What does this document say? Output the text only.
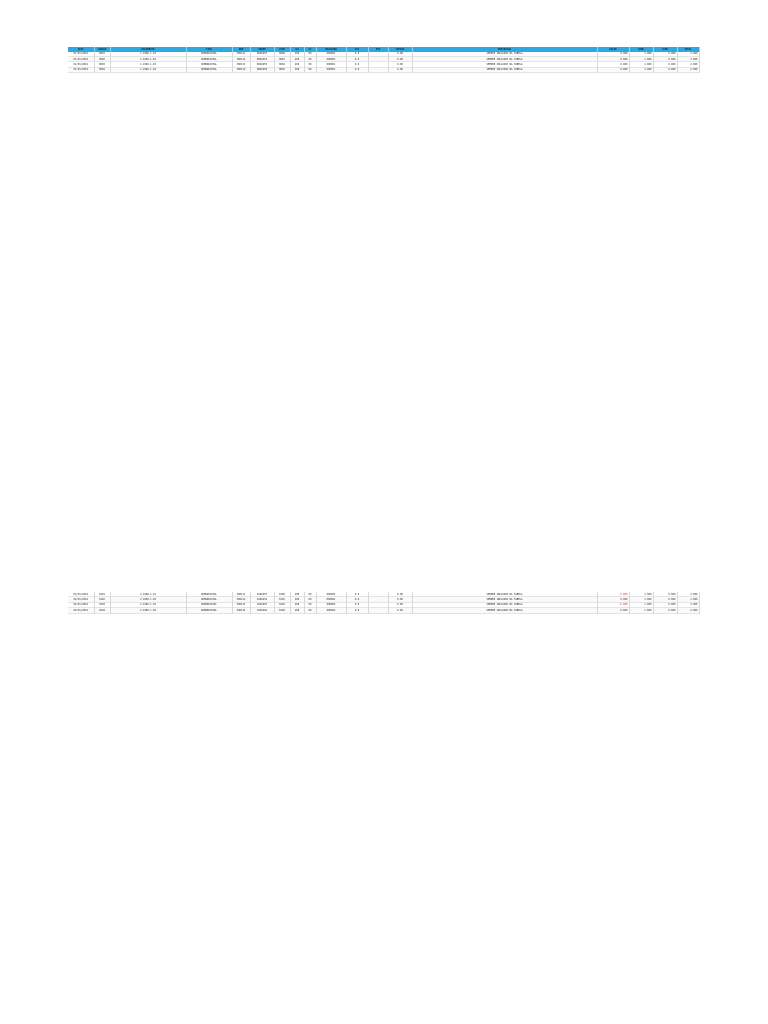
DATA	CODIGO	DOCUMENTO	TIPO	NUM	ORDEM	CFOP	UN	ST	REGISTRO	CST	PIS	COFINS	DESCRICAO	VALOR	QTDE	ICMS	TOTAL
01/01/2019	0001	1.1960.1.01	DOMUNICIPAL	380111	8002253	0000	200	00	000001	0.0		0.00	SEMPRE INCLUIDO NA TABELA	0.000	1.000	0.000	2.000
01/01/2019	0002	1.1960.1.02	DOMUNICIPAL	380112	8002254	0001	200	00	000001	0.0		0.00	SEMPRE INCLUIDO NA TABELA	0.000	1.000	0.000	2.000
01/01/2019	0003	1.1960.1.03	DOMUNICIPAL	380113	8002255	0002	200	00	000001	0.0		0.00	SEMPRE INCLUIDO NA TABELA	0.000	1.000	0.000	2.000
01/01/2019	0004	1.1960.1.04	DOMUNICIPAL	380114	8002256	0003	200	00	000001	0.0		0.00	SEMPRE INCLUIDO NA TABELA	0.000	1.000	0.000	2.000
02/01/2019	0101	2.1960.1.01	DOMUNICIPAL	390111	8102253	0100	200	00	000002	0.0		0.00	SEMPRE INCLUIDO NA TABELA	-0.000	1.000	0.000	2.000
02/01/2019	0102	2.1960.1.02	DOMUNICIPAL	390112	8102254	0101	200	00	000002	0.0		0.00	SEMPRE INCLUIDO NA TABELA	0.000	1.000	0.000	2.000
02/01/2019	0103	2.1960.1.03	DOMUNICIPAL	390113	8102255	0102	200	00	000002	0.0		0.00	SEMPRE INCLUIDO NA TABELA	-0.000	1.000	0.000	2.000
02/01/2019	0104	2.1960.1.04	DOMUNICIPAL	390114	8102256	0103	200	00	000002	0.0		0.00	SEMPRE INCLUIDO NA TABELA	0.000	1.000	0.000	2.000
